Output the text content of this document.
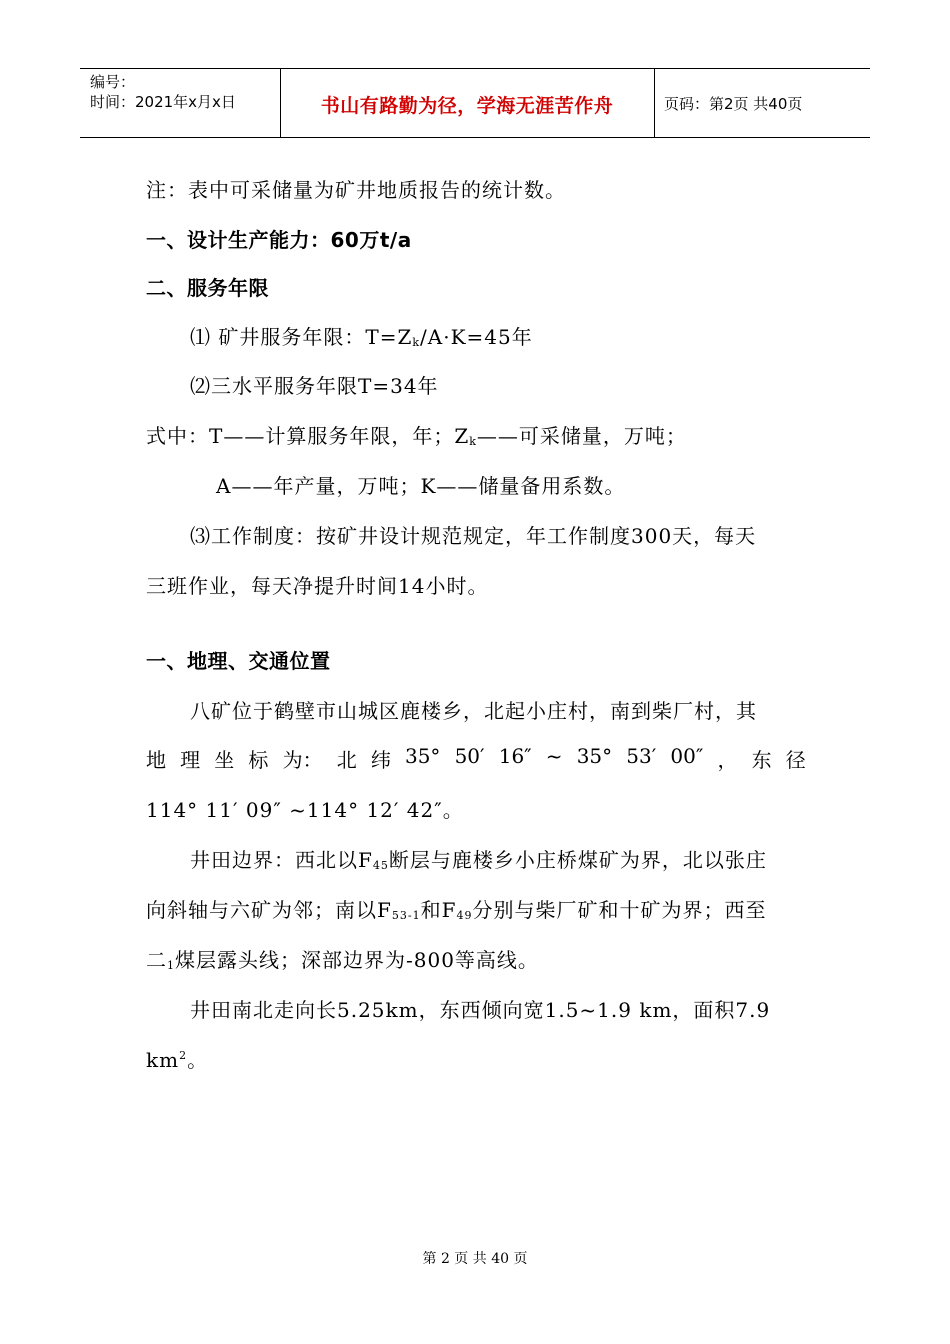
编号：
时间：2021年x月x日	书山有路勤为径，学海无涯苦作舟	页码：第2页 共40页
注：表中可采储量为矿井地质报告的统计数。
一、设计生产能力：60万t/a
二、服务年限
⑴ 矿井服务年限：$T=Z_k/A\cdot K=45$年
⑵三水平服务年限T=34年
式中：T——计算服务年限，年；$Z_k——$可采储量，万吨；
A——年产量，万吨；K——储量备用系数。
⑶工作制度：按矿井设计规范规定，年工作制度300天，每天
三班作业，每天净提升时间14小时。
一、地理、交通位置
八矿位于鹤壁市山城区鹿楼乡，北起小庄村，南到柴厂村，其
地 理 坐 标 为： 北 纬 35° 50′ 16″ ~ 35° 53′ 00″ ， 东 径
114° 11′ 09″ ~114° 12′ 42″。
井田边界：西北以$F_{45}$断层与鹿楼乡小庄桥煤矿为界，北以张庄
向斜轴与六矿为邻；南以$F_{53-1}$和$F_{49}$分别与柴厂矿和十矿为界；西至
二$_1$煤层露头线；深部边界为-800等高线。
井田南北走向长5.25km，东西倾向宽1.5~1.9 km，面积7.9
$km^2$。
第 2 页 共 40 页
